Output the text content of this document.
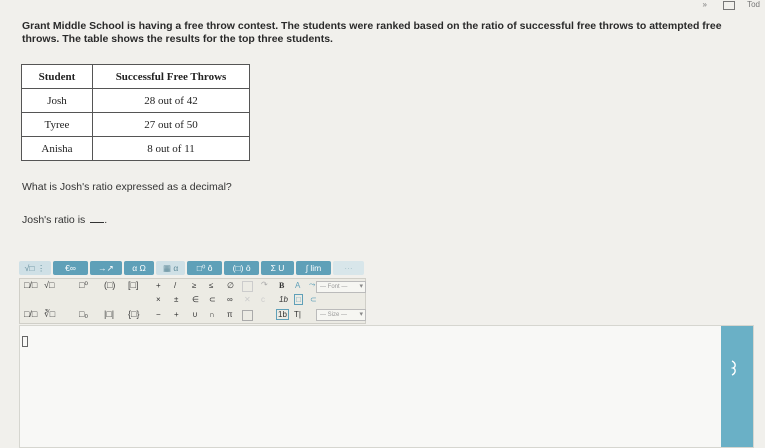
»	Tod
Grant Middle School is having a free throw contest. The students were ranked based on the ratio of successful free throws to attempted free throws. The table shows the results for the top three students.
Student	Successful Free Throws
Josh	28 out of 42
Tyree	27 out of 50
Anisha	8 out of 11
What is Josh's ratio expressed as a decimal?
Josh's ratio is .
√□ ⋮	€∞	→↗	α Ω	▦ α	□⁰ ô	(□) ō	Σ U	∫ lim	···
□/□ √□	□⁰ (□) [□] + / ≥ ≤ ∅	↷ B A ⤳ — Font — ▾
× ± ∈ ⊂ ∞ ✕ c 1b □ ⊂
□/□ ∛□	□₀ |□| {□} − + ∪ ∩ π	1b T|	— Size — ▾
